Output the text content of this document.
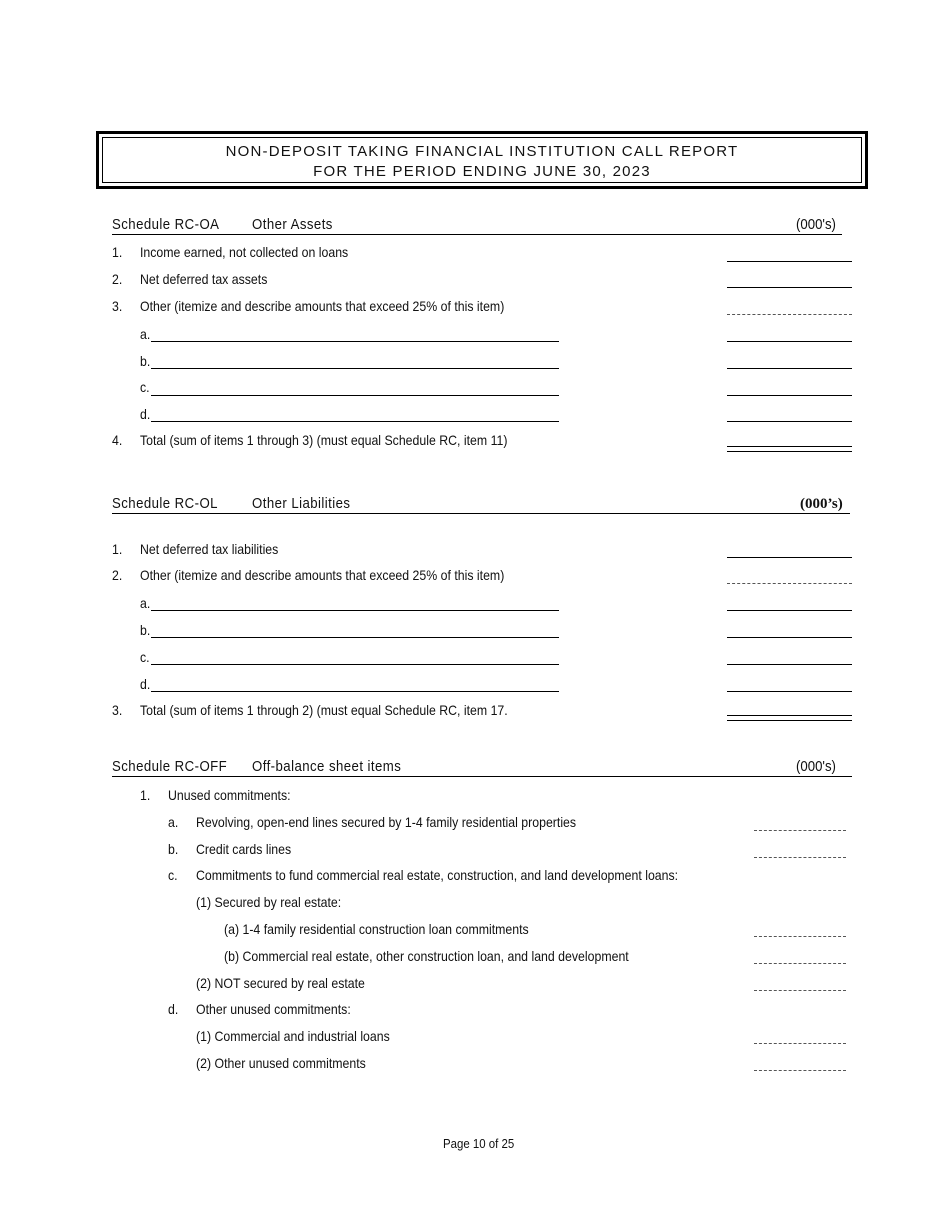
NON-DEPOSIT TAKING FINANCIAL INSTITUTION CALL REPORT
FOR THE PERIOD ENDING JUNE 30, 2023
Schedule RC-OA Other Assets	(000's)
1. Income earned, not collected on loans
2. Net deferred tax assets
3. Other (itemize and describe amounts that exceed 25% of this item)
a.
b.
c.
d.
4. Total (sum of items 1 through 3) (must equal Schedule RC, item 11)
Schedule RC-OL Other Liabilities	(000’s)
1. Net deferred tax liabilities
2. Other (itemize and describe amounts that exceed 25% of this item)
a.
b.
c.
d.
3. Total (sum of items 1 through 2) (must equal Schedule RC, item 17.
Schedule RC-OFF Off-balance sheet items	(000's)
1. Unused commitments:
a. Revolving, open-end lines secured by 1-4 family residential properties
b. Credit cards lines
c. Commitments to fund commercial real estate, construction, and land development loans:
(1) Secured by real estate:
(a) 1-4 family residential construction loan commitments
(b) Commercial real estate, other construction loan, and land development
(2) NOT secured by real estate
d. Other unused commitments:
(1) Commercial and industrial loans
(2) Other unused commitments
Page 10 of 25
